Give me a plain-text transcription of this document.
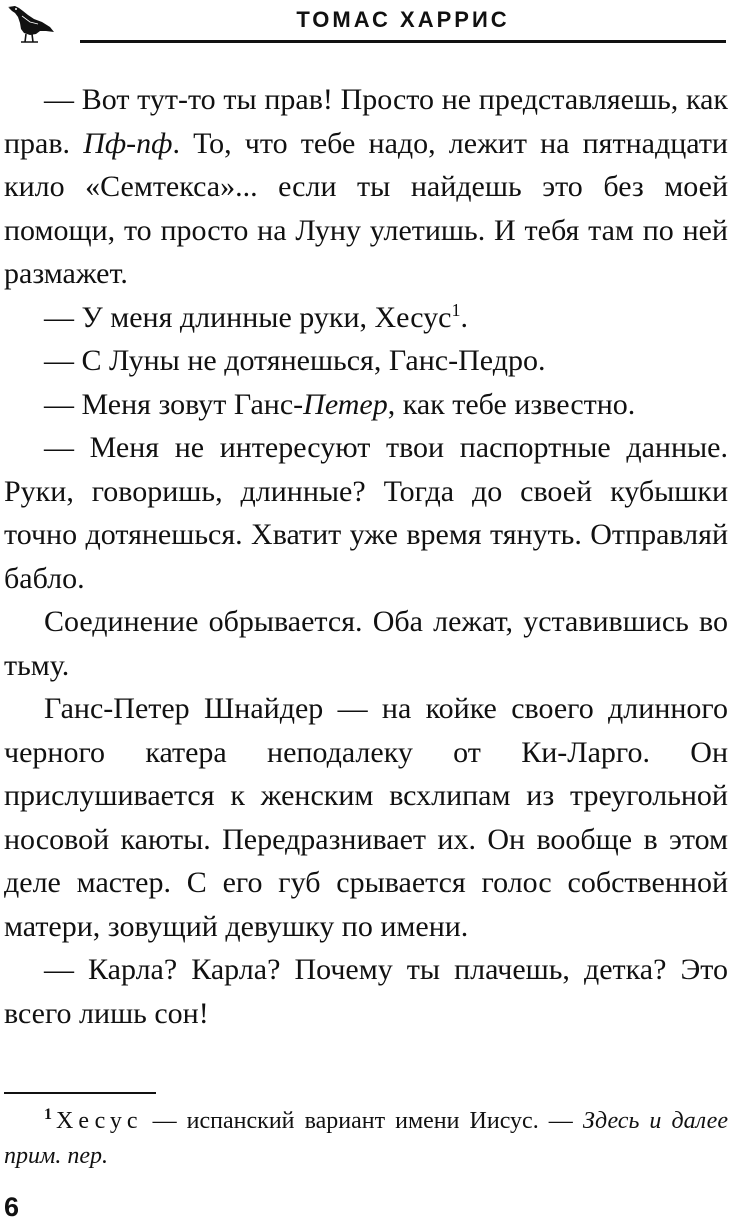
ТОМАС ХАРРИС

— Вот тут-то ты прав! Просто не представляешь, как прав. Пф-пф. То, что тебе надо, лежит на пятнадцати кило «Семтекса»... если ты найдешь это без моей помощи, то просто на Луну улетишь. И тебя там по ней размажет.

— У меня длинные руки, Хесус$^1$.

— С Луны не дотянешься, Ганс-Педро.

— Меня зовут Ганс-Петер, как тебе известно.

— Меня не интересуют твои паспортные данные. Руки, говоришь, длинные? Тогда до своей кубышки точно дотянешься. Хватит уже время тянуть. Отправляй бабло.

Соединение обрывается. Оба лежат, уставившись во тьму.

Ганс-Петер Шнайдер — на койке своего длинного черного катера неподалеку от Ки-Ларго. Он прислушивается к женским всхлипам из треугольной носовой каюты. Передразнивает их. Он вообще в этом деле мастер. С его губ срывается голос собственной матери, зовущий девушку по имени.

— Карла? Карла? Почему ты плачешь, детка? Это всего лишь сон!

$^1$ Хесус — испанский вариант имени Иисус. — Здесь и далее прим. пер.
6
